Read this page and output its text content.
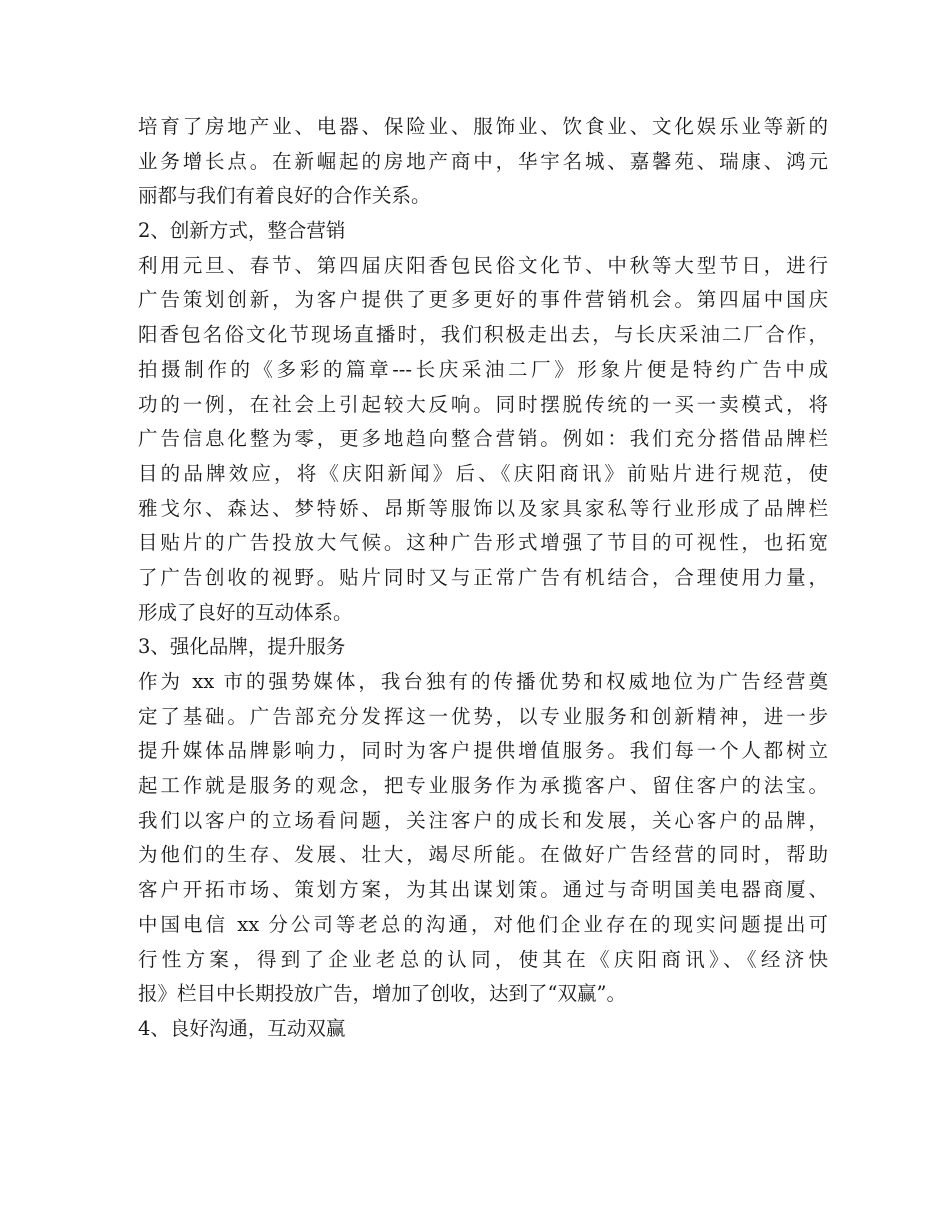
培育了房地产业、电器、保险业、服饰业、饮食业、文化娱乐业等新的
业务增长点。在新崛起的房地产商中，华宇名城、嘉馨苑、瑞康、鸿元
丽都与我们有着良好的合作关系。
2、创新方式，整合营销
利用元旦、春节、第四届庆阳香包民俗文化节、中秋等大型节日，进行
广告策划创新，为客户提供了更多更好的事件营销机会。第四届中国庆
阳香包名俗文化节现场直播时，我们积极走出去，与长庆采油二厂合作，
拍摄制作的《多彩的篇章---长庆采油二厂》形象片便是特约广告中成
功的一例，在社会上引起较大反响。同时摆脱传统的一买一卖模式，将
广告信息化整为零，更多地趋向整合营销。例如：我们充分搭借品牌栏
目的品牌效应，将《庆阳新闻》后、《庆阳商讯》前贴片进行规范，使
雅戈尔、森达、梦特娇、昂斯等服饰以及家具家私等行业形成了品牌栏
目贴片的广告投放大气候。这种广告形式增强了节目的可视性，也拓宽
了广告创收的视野。贴片同时又与正常广告有机结合，合理使用力量，
形成了良好的互动体系。
3、强化品牌，提升服务
作为 xx 市的强势媒体，我台独有的传播优势和权威地位为广告经营奠
定了基础。广告部充分发挥这一优势，以专业服务和创新精神，进一步
提升媒体品牌影响力，同时为客户提供增值服务。我们每一个人都树立
起工作就是服务的观念，把专业服务作为承揽客户、留住客户的法宝。
我们以客户的立场看问题，关注客户的成长和发展，关心客户的品牌，
为他们的生存、发展、壮大，竭尽所能。在做好广告经营的同时，帮助
客户开拓市场、策划方案，为其出谋划策。通过与奇明国美电器商厦、
中国电信 xx 分公司等老总的沟通，对他们企业存在的现实问题提出可
行性方案，得到了企业老总的认同，使其在《庆阳商讯》、《经济快
报》栏目中长期投放广告，增加了创收，达到了“双赢”。
4、良好沟通，互动双赢
